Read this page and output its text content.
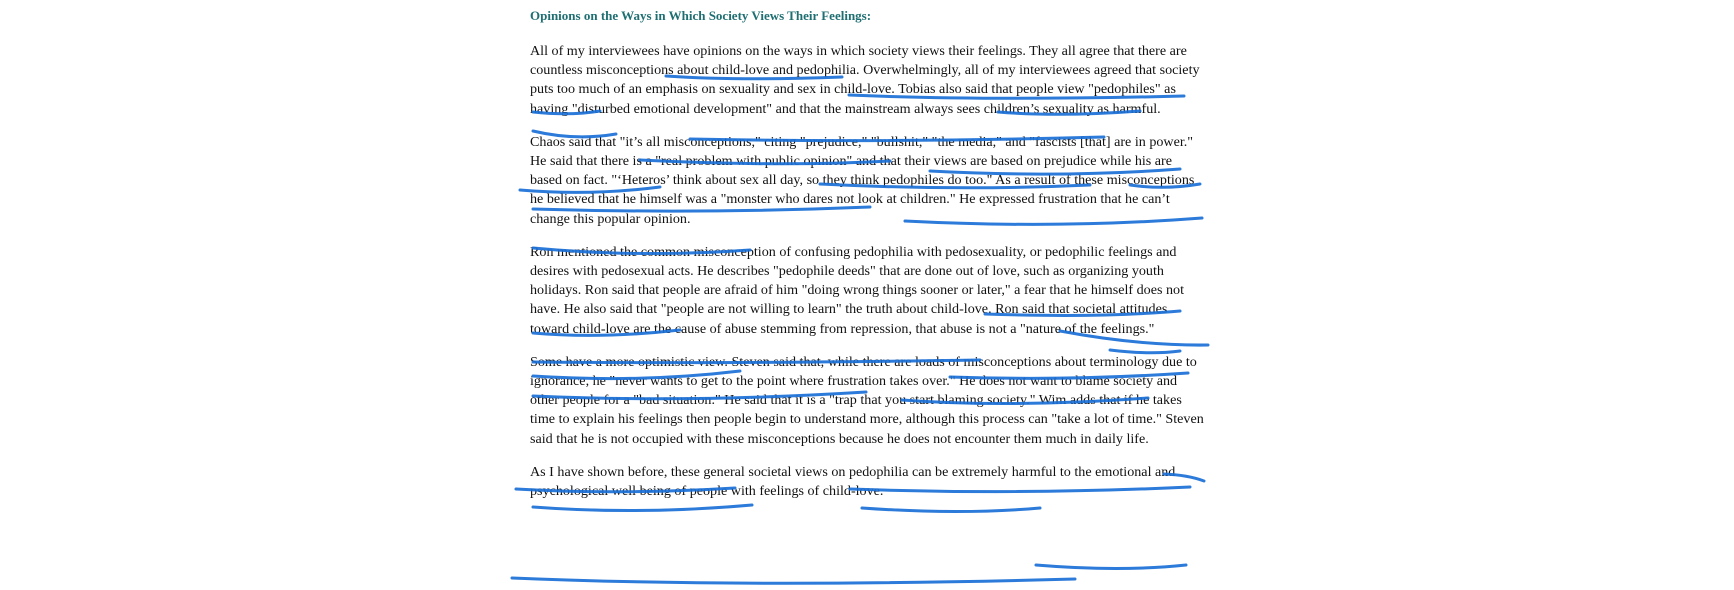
Opinions on the Ways in Which Society Views Their Feelings:

All of my interviewees have opinions on the ways in which society views their feelings. They all agree that there are countless misconceptions about child-love and pedophilia. Overwhelmingly, all of my interviewees agreed that society puts too much of an emphasis on sexuality and sex in child-love. Tobias also said that people view "pedophiles" as having "disturbed emotional development" and that the mainstream always sees children’s sexuality as harmful.

Chaos said that "it’s all misconceptions," citing "prejudice," "bullshit," "the media," and "fascists [that] are in power." He said that there is a "real problem with public opinion" and that their views are based on prejudice while his are based on fact. "‘Heteros’ think about sex all day, so they think pedophiles do too." As a result of these misconceptions he believed that he himself was a "monster who dares not look at children." He expressed frustration that he can’t change this popular opinion.

Ron mentioned the common misconception of confusing pedophilia with pedosexuality, or pedophilic feelings and desires with pedosexual acts. He describes "pedophile deeds" that are done out of love, such as organizing youth holidays. Ron said that people are afraid of him "doing wrong things sooner or later," a fear that he himself does not have. He also said that "people are not willing to learn" the truth about child-love. Ron said that societal attitudes toward child-love are the cause of abuse stemming from repression, that abuse is not a "nature of the feelings."

Some have a more optimistic view. Steven said that, while there are loads of misconceptions about terminology due to ignorance, he "never wants to get to the point where frustration takes over." He does not want to blame society and other people for a "bad situation." He said that it is a "trap that you start blaming society." Wim adds that if he takes time to explain his feelings then people begin to understand more, although this process can "take a lot of time." Steven said that he is not occupied with these misconceptions because he does not encounter them much in daily life.

As I have shown before, these general societal views on pedophilia can be extremely harmful to the emotional and psychological well being of people with feelings of child-love.
